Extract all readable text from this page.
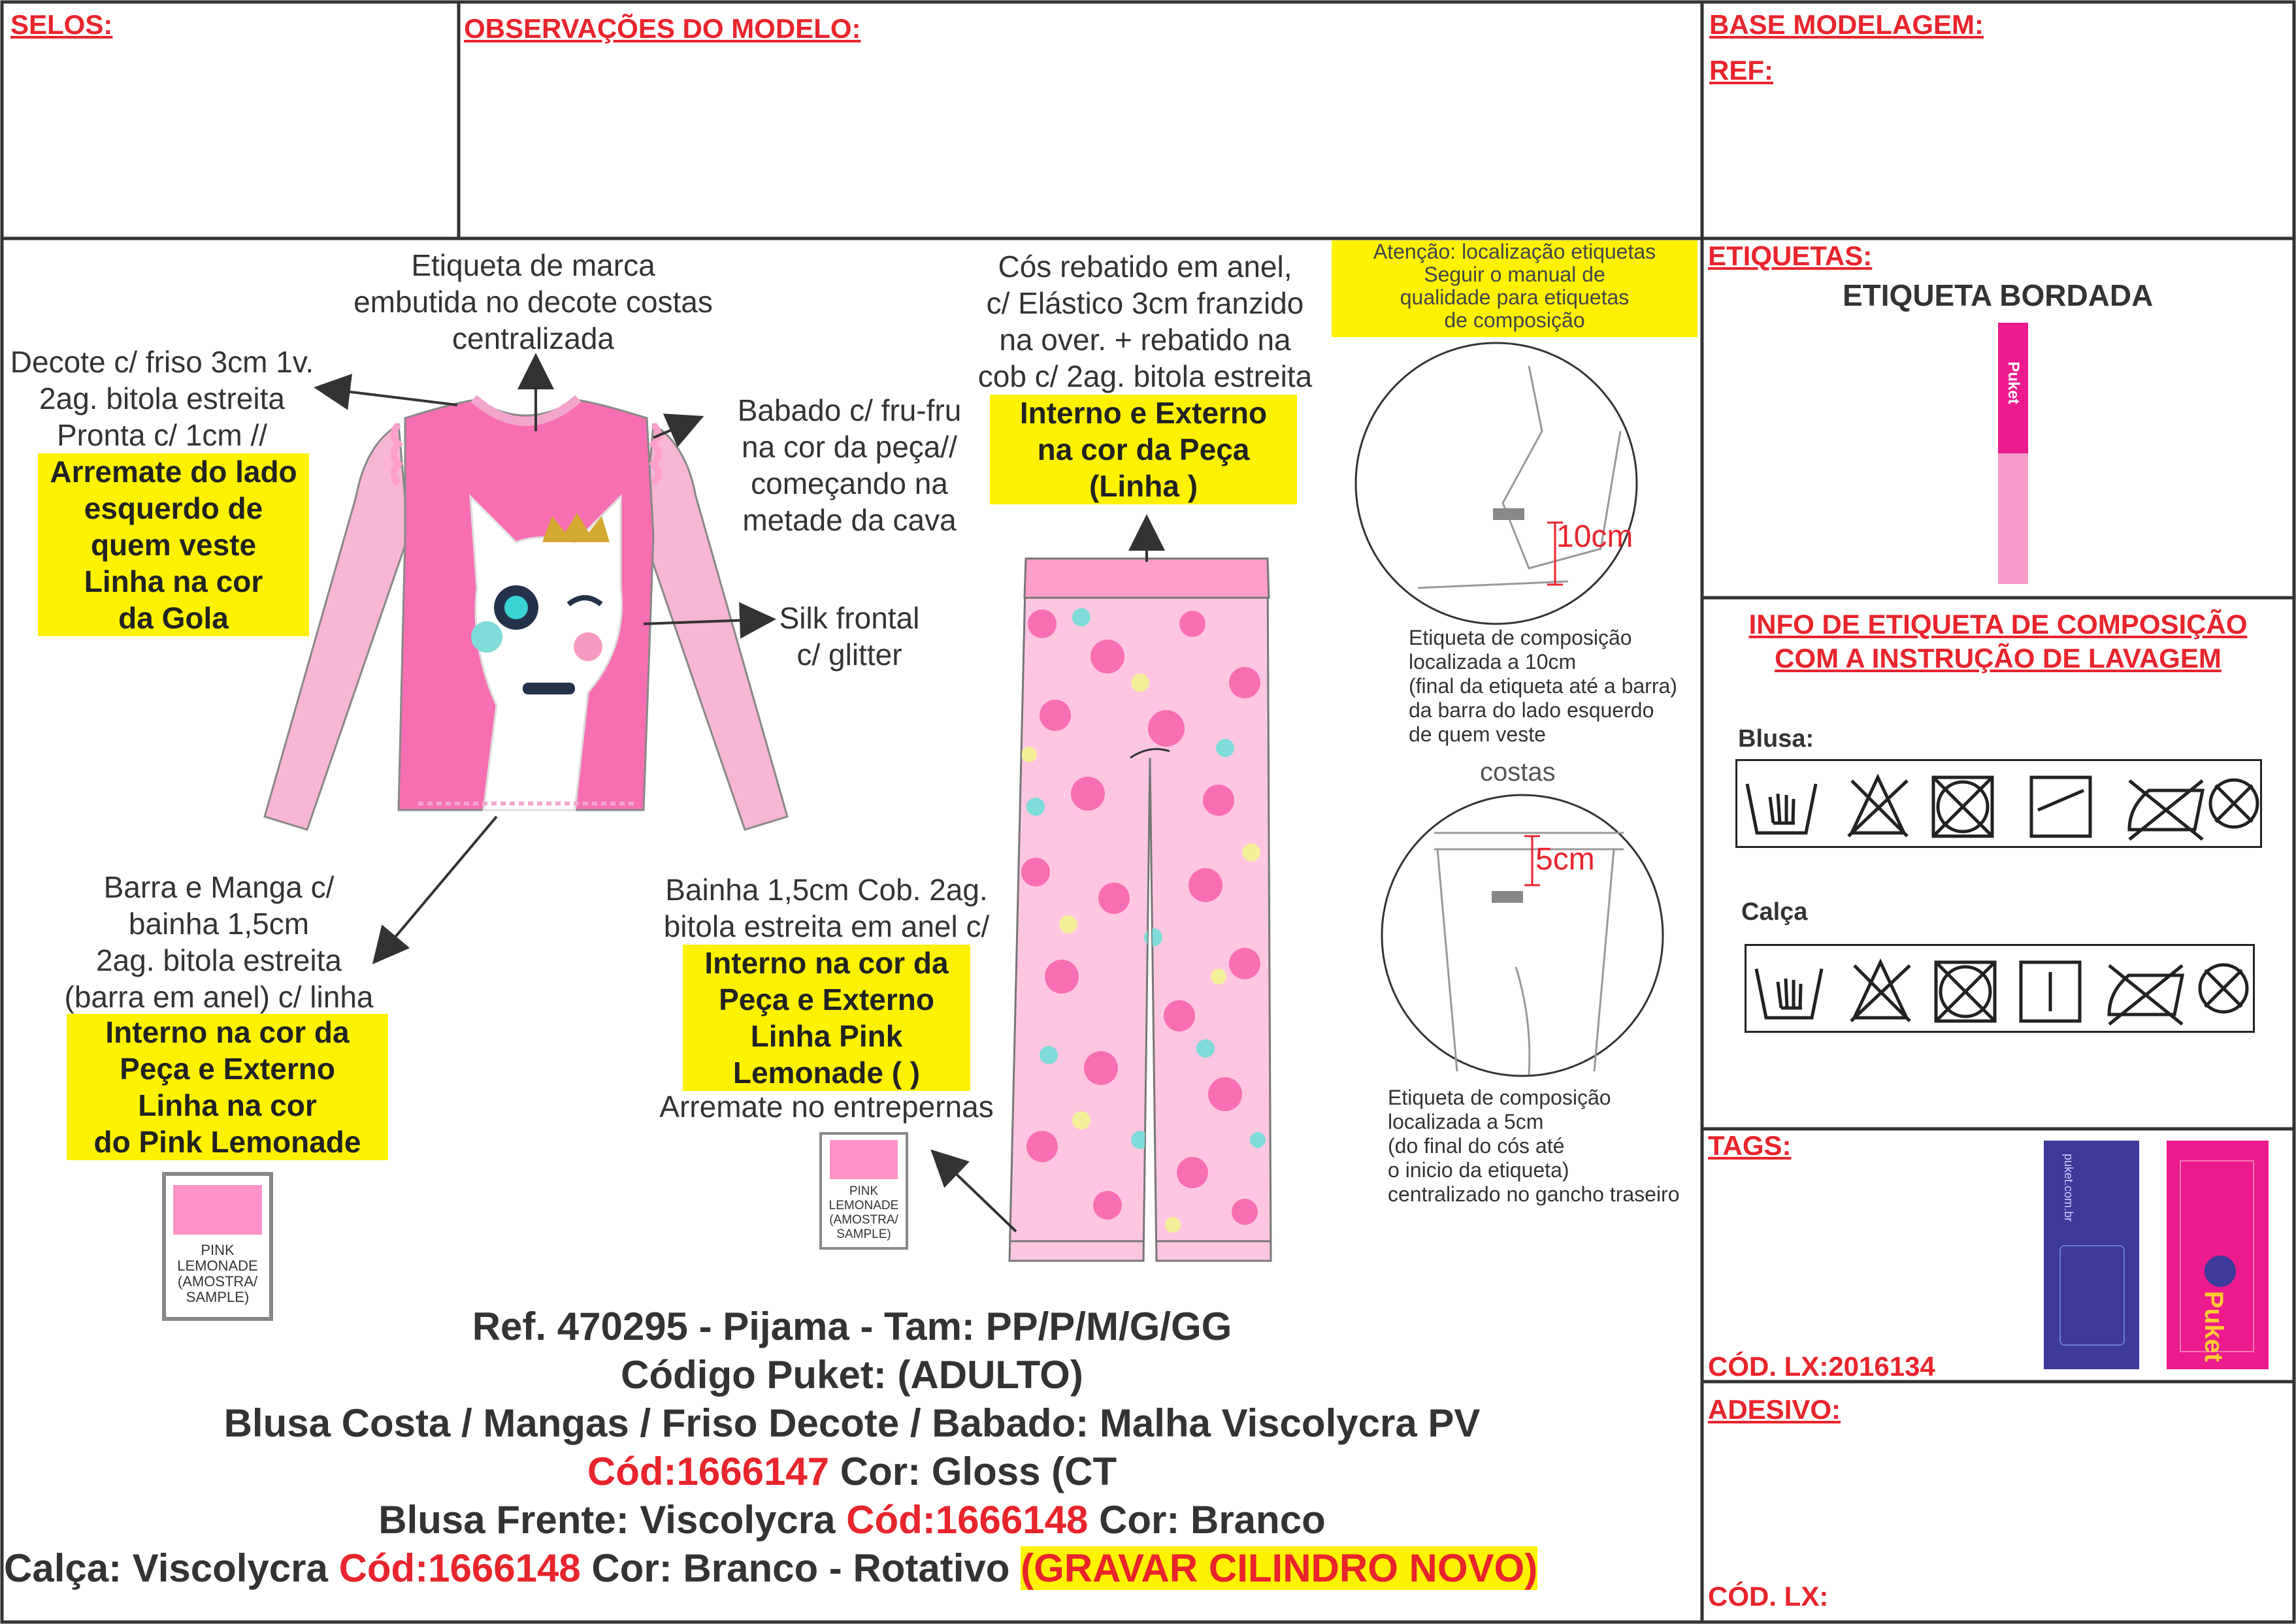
SELOS:	OBSERVAÇÕES DO MODELO:	BASE MODELAGEM:
REF:
ETIQUETAS:
ETIQUETA BORDADA
Puket
INFO DE ETIQUETA DE COMPOSIÇÃO
COM A INSTRUÇÃO DE LAVAGEM
Blusa:
Calça
TAGS:
puket.com.br
Puket
CÓD. LX:2016134
ADESIVO:
CÓD. LX:
Atenção: localização etiquetas
Seguir o manual de
qualidade para etiquetas
de composição
Etiqueta de marca
embutida no decote costas
centralizada
Decote c/ friso 3cm 1v.
2ag. bitola estreita
Pronta c/ 1cm //
Arremate do lado
esquerdo de
quem veste
Linha na cor
da Gola
Babado c/ fru-fru
na cor da peça//
começando na
metade da cava
Silk frontal
c/ glitter
Cós rebatido em anel,
c/ Elástico 3cm franzido
na over. + rebatido na
cob c/ 2ag. bitola estreita
Interno e Externo
na cor da Peça
(Linha )
Barra e Manga c/
bainha 1,5cm
2ag. bitola estreita
(barra em anel) c/ linha
Interno na cor da
Peça e Externo
Linha na cor
do Pink Lemonade
Bainha 1,5cm Cob. 2ag.
bitola estreita em anel c/
Interno na cor da
Peça e Externo
Linha Pink
Lemonade ( )
Arremate no entrepernas
PINK
LEMONADE
(AMOSTRA/
SAMPLE)
PINK
LEMONADE
(AMOSTRA/
SAMPLE)
10cm
Etiqueta de composição
localizada a 10cm
(final da etiqueta até a barra)
da barra do lado esquerdo
de quem veste
costas
5cm
Etiqueta de composição
localizada a 5cm
(do final do cós até
o inicio da etiqueta)
centralizado no gancho traseiro
Ref. 470295 - Pijama - Tam: PP/P/M/G/GG
Código Puket: (ADULTO)
Blusa Costa / Mangas / Friso Decote / Babado: Malha Viscolycra PV
Cód:1666147 Cor: Gloss (CT
Blusa Frente: Viscolycra Cód:1666148 Cor: Branco
Calça: Viscolycra Cód:1666148 Cor: Branco - Rotativo (GRAVAR CILINDRO NOVO)
